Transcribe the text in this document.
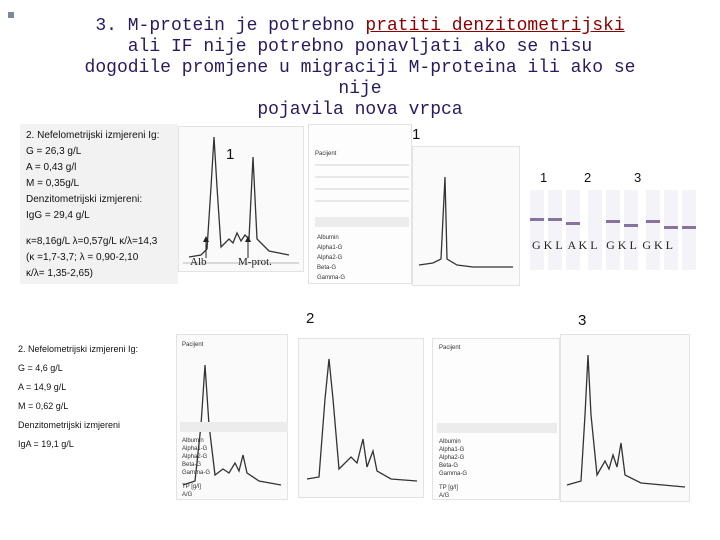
3. M-protein je potrebno pratiti denzitometrijski
ali IF nije potrebno ponavljati ako se nisu
dogodile promjene u migraciji M-proteina ili ako se nije
pojavila nova vrpca
2. Nefelometrijski izmjereni Ig:
G = 26,3 g/L
A = 0,43 g/l
M = 0,35g/L
Denzitometrijski izmjereni:
IgG = 29,4 g/L
κ=8,16g/L λ=0,57g/L κ/λ=14,3
(κ =1,7-3,7; λ = 0,90-2,10
κ/λ= 1,35-2,65)
Pacijent
Albumin
Alpha1-G
Alpha2-G
Beta-G
Gamma-G
1
1
1	2	3
G K L  A K L   G K L  G K L
Alb	M-prot.
2	3
2. Nefelometrijski izmjereni Ig:
G = 4,6 g/L
A = 14,9 g/L
M = 0,62 g/L
Denzitometrijski izmjereni
IgA = 19,1 g/L
Pacijent
Albumin
Alpha1-G
Alpha2-G
Beta-G
Gamma-G
TP [g/l]
A/G
Pacijent
Albumin
Alpha1-G
Alpha2-G
Beta-G
Gamma-G
TP [g/l]
A/G
